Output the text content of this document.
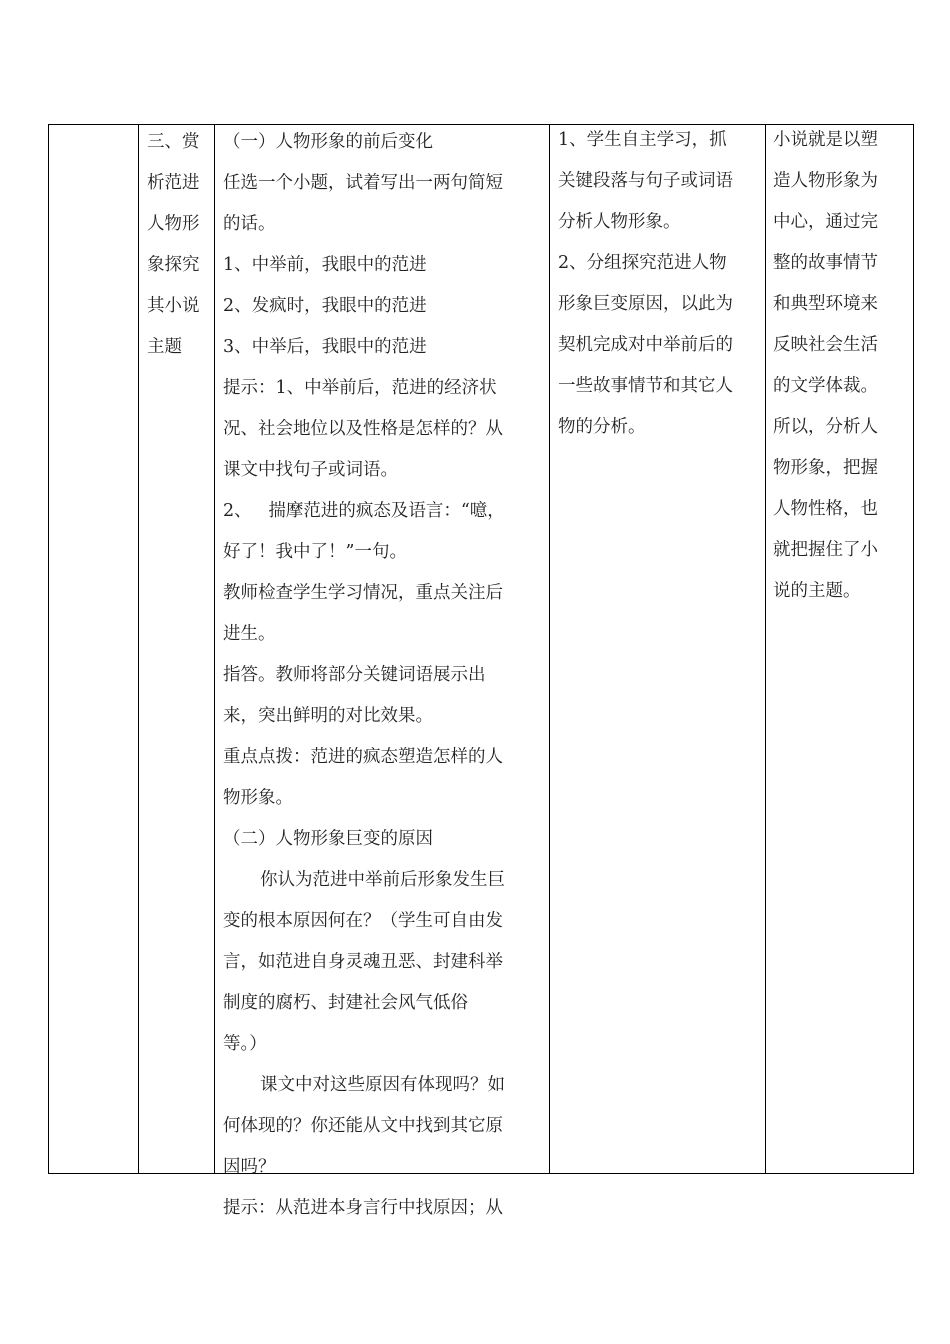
三、赏

析范进

人物形

象探究

其小说

主题

（一）人物形象的前后变化

任选一个小题，试着写出一两句简短

的话。

1、中举前，我眼中的范进

2、发疯时，我眼中的范进

3、中举后，我眼中的范进

提示：1、中举前后，范进的经济状

况、社会地位以及性格是怎样的？从

课文中找句子或词语。

2、   揣摩范进的疯态及语言：“噫，

好了！我中了！”一句。

教师检查学生学习情况，重点关注后

进生。

指答。教师将部分关键词语展示出

来，突出鲜明的对比效果。

重点点拨：范进的疯态塑造怎样的人

物形象。

（二）人物形象巨变的原因

你认为范进中举前后形象发生巨

变的根本原因何在？（学生可自由发

言，如范进自身灵魂丑恶、封建科举

制度的腐朽、封建社会风气低俗

等。）

课文中对这些原因有体现吗？如

何体现的？你还能从文中找到其它原

因吗？

提示：从范进本身言行中找原因；从

1、学生自主学习，抓

关键段落与句子或词语

分析人物形象。

2、分组探究范进人物

形象巨变原因，以此为

契机完成对中举前后的

一些故事情节和其它人

物的分析。

小说就是以塑

造人物形象为

中心，通过完

整的故事情节

和典型环境来

反映社会生活

的文学体裁。

所以，分析人

物形象，把握

人物性格，也

就把握住了小

说的主题。
